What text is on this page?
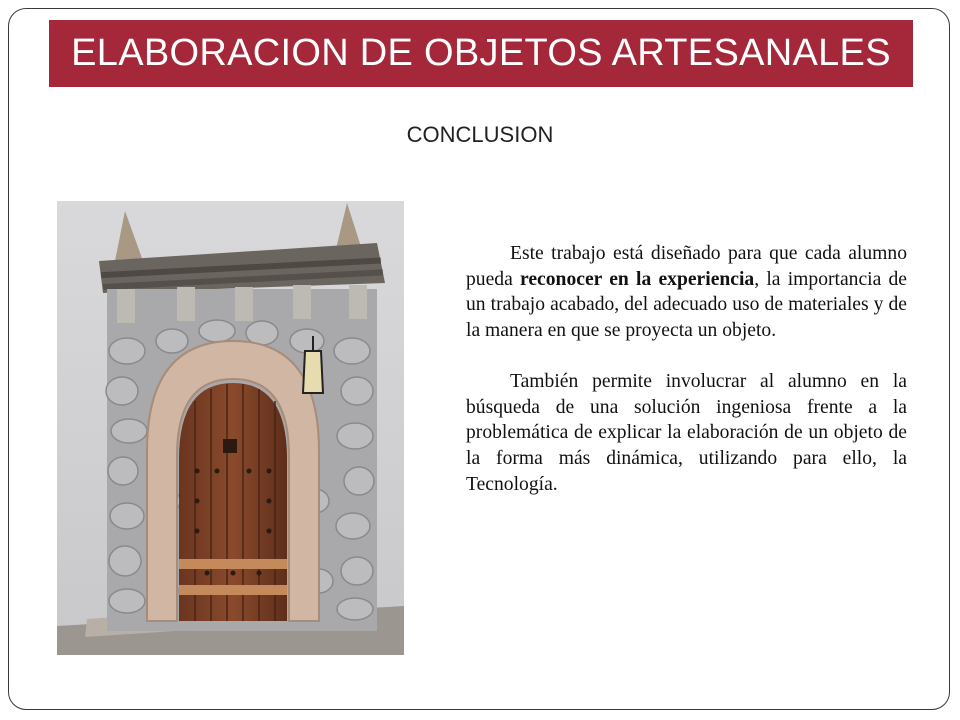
ELABORACION DE OBJETOS ARTESANALES
CONCLUSION

Este trabajo está diseñado para que cada alumno pueda reconocer en la experiencia, la importancia de un trabajo acabado, del adecuado uso de materiales y de la manera en que se proyecta un objeto.

También permite involucrar al alumno en la búsqueda de una solución ingeniosa frente a la problemática de explicar la elaboración de un objeto de la forma más dinámica, utilizando para ello, la Tecnología.
